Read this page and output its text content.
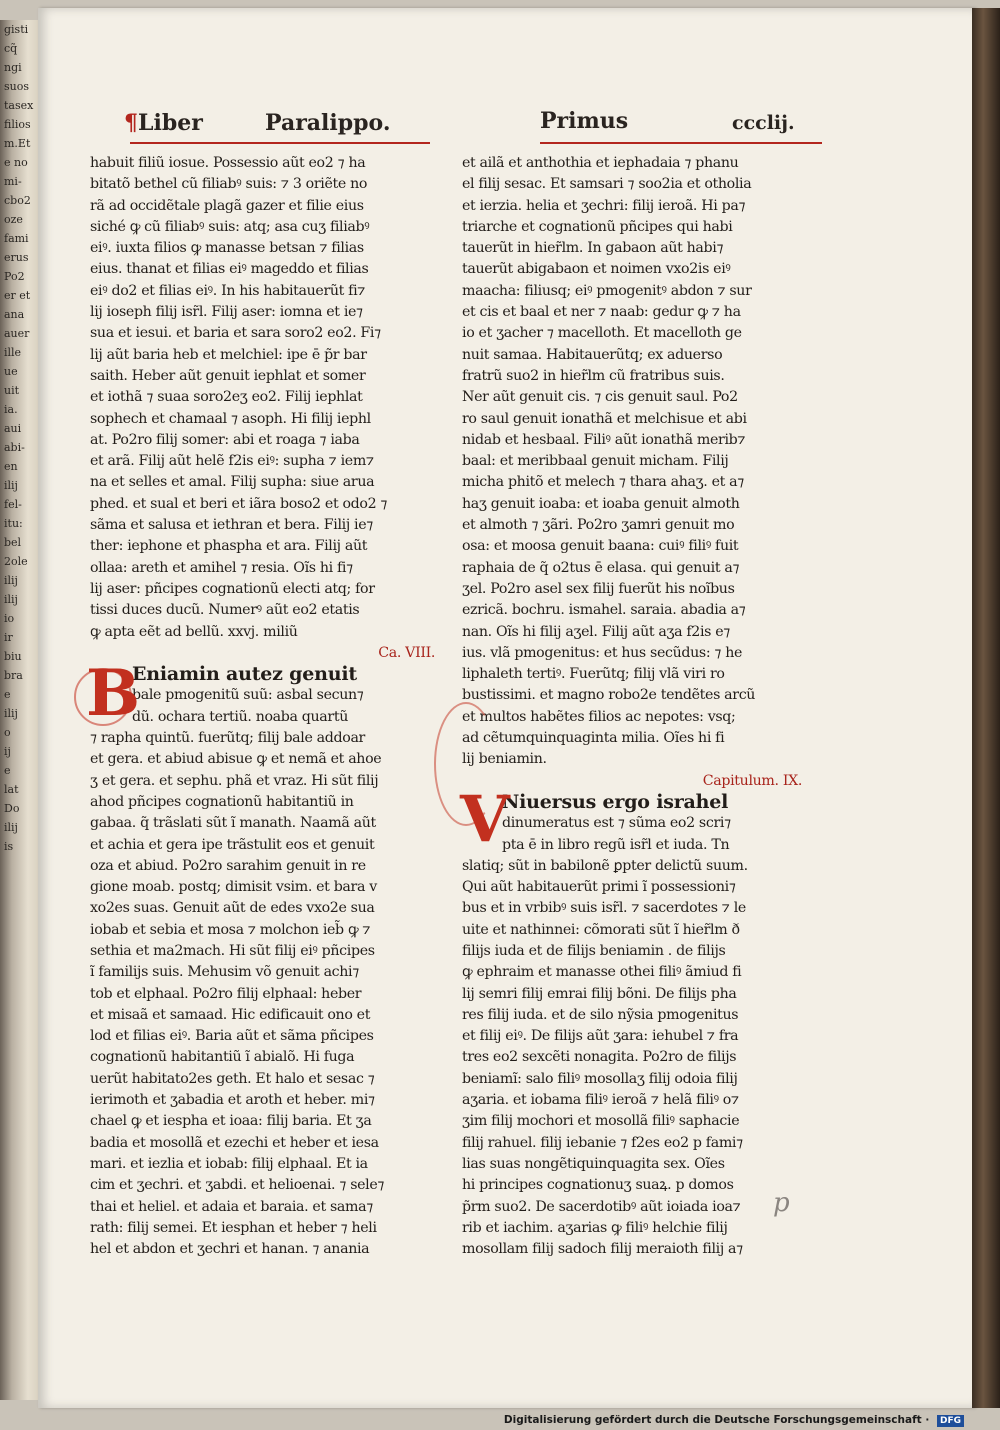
gisti
cq̃
ngi
suos
tasex
filios
m.Et
e no
mi-
cbo2
oze
fami
erus
Po2
er et
ana
auer
ille
ue
uit
ia.
aui
abi-
en
ilij
fel-
itu:
bel
2ole
ilij
ilij
io
ir
biu
bra
e
ilij
o
ij
e
lat
Do
ilij
is
¶Liber	Paralippo.	Primus	ccclij.
habuit filiũ iosue. Possessio aũt eo2 ⁊ ha
bitatõ bethel cũ filiabꝰ suis: ⁊ 3 oriẽte no
rã ad occidẽtale plagã gazer et filie eius
siché ꝙ cũ filiabꝰ suis: atq; asa cuʒ filiabꝰ
eiꝰ. iuxta filios ꝙ manasse betsan ⁊ filias
eius. thanat et filias eiꝰ mageddo et filias
eiꝰ do2 et filias eiꝰ. In his habitauerũt fi⁊
lij ioseph filij isr̃l. Filij aser: iomna et ie⁊
sua et iesui. et baria et sara soro2 eo2. Fi⁊
lij aũt baria heb et melchiel: ipe ē p̃r bar
saith. Heber aũt genuit iephlat et somer
et iothã ⁊ suaa soro2eʒ eo2. Filij iephlat
sophech et chamaal ⁊ asoph. Hi filij iephl
at. Po2ro filij somer: abi et roaga ⁊ iaba
et arã. Filij aũt helẽ f2is eiꝰ: supha ⁊ iem⁊
na et selles et amal. Filij supha: siue arua
phed. et sual et beri et iãra boso2 et odo2 ⁊
sãma et salusa et iethran et bera. Filij ie⁊
ther: iephone et phaspha et ara. Filij aũt
ollaa: areth et amihel ⁊ resia. Oĩs hi fi⁊
lij aser: pñcipes cognationũ electi atq; for
tissi duces ducũ. Numerꝰ aũt eo2 etatis
ꝙ apta eẽt ad bellũ. xxvj. miliũ
Ca. VIII.
B
Eniamin autez genuit
bale pmogenitũ suũ: asbal secun⁊
dũ. ochara tertiũ. noaba quartũ
⁊ rapha quintũ. fuerũtq; filij bale addoar
et gera. et abiud abisue ꝙ et nemã et ahoe
ʒ et gera. et sephu. phã et vraz. Hi sũt filij
ahod pñcipes cognationũ habitantiũ in
gabaa. q̃ trãslati sũt ĩ manath. Naamã aũt
et achia et gera ipe trãstulit eos et genuit
oza et abiud. Po2ro sarahim genuit in re
gione moab. postq; dimisit vsim. et bara v
xo2es suas. Genuit aũt de edes vxo2e sua
iobab et sebia et mosa ⁊ molchon ieb̃ ꝙ ⁊
sethia et ma2mach. Hi sũt filij eiꝰ pñcipes
ĩ familijs suis. Mehusim võ genuit achi⁊
tob et elphaal. Po2ro filij elphaal: heber
et misaã et samaad. Hic edificauit ono et
lod et filias eiꝰ. Baria aũt et sãma pñcipes
cognationũ habitantiũ ĩ abialõ. Hi fuga
uerũt habitato2es geth. Et halo et sesac ⁊
ierimoth et ʒabadia et aroth et heber. mi⁊
chael ꝙ et iespha et ioaa: filij baria. Et ʒa
badia et mosollã et ezechi et heber et iesa
mari. et iezlia et iobab: filij elphaal. Et ia
cim et ʒechri. et ʒabdi. et helioenai. ⁊ sele⁊
thai et heliel. et adaia et baraia. et sama⁊
rath: filij semei. Et iesphan et heber ⁊ heli
hel et abdon et ʒechri et hanan. ⁊ anania
et ailã et anthothia et iephadaia ⁊ phanu
el filij sesac. Et samsari ⁊ soo2ia et otholia
et ierzia. helia et ʒechri: filij ieroã. Hi pa⁊
triarche et cognationũ pñcipes qui habi
tauerũt in hier̃lm. In gabaon aũt habi⁊
tauerũt abigabaon et noimen vxo2is eiꝰ
maacha: filiusq; eiꝰ pmogenitꝰ abdon ⁊ sur
et cis et baal et ner ⁊ naab: gedur ꝙ ⁊ ha
io et ʒacher ⁊ macelloth. Et macelloth ge
nuit samaa. Habitauerũtq; ex aduerso
fratrũ suo2 in hier̃lm cũ fratribus suis.
Ner aũt genuit cis. ⁊ cis genuit saul. Po2
ro saul genuit ionathã et melchisue et abi
nidab et hesbaal. Filiꝰ aũt ionathã merib⁊
baal: et meribbaal genuit micham. Filij
micha phitõ et melech ⁊ thara ahaʒ. et a⁊
haʒ genuit ioaba: et ioaba genuit almoth
et almoth ⁊ ʒãri. Po2ro ʒamri genuit mo
osa: et moosa genuit baana: cuiꝰ filiꝰ fuit
raphaia de q̃ o2tus ē elasa. qui genuit a⁊
ʒel. Po2ro asel sex filij fuerũt his noĩbus
ezricã. bochru. ismahel. saraia. abadia a⁊
nan. Oĩs hi filij aʒel. Filij aũt aʒa f2is e⁊
ius. vlã pmogenitus: et hus secũdus: ⁊ he
liphaleth tertiꝰ. Fuerũtq; filij vlã viri ro
bustissimi. et magno robo2e tendẽtes arcũ
et multos habẽtes filios ac nepotes: vsq;
ad cẽtumquinquaginta milia. Oĩes hi fi
lij beniamin.
Capitulum. IX.
V
Niuersus ergo israhel
dinumeratus est ⁊ sũma eo2 scri⁊
pta ē in libro regũ isr̃l et iuda. Tn
slatiq; sũt in babilonẽ ꝑpter delictũ suum.
Qui aũt habitauerũt primi ĩ possessioni⁊
bus et in vrbibꝰ suis isr̃l. ⁊ sacerdotes ⁊ le
uite et nathinnei: cõmorati sũt ĩ hier̃lm ð
filijs iuda et de filijs beniamin . de filijs
ꝙ ephraim et manasse othei filiꝰ ãmiud fi
lij semri filij emrai filij bõni. De filijs pha
res filij iuda. et de silo nỹsia pmogenitus
et filij eiꝰ. De filijs aũt ʒara: iehubel ⁊ fra
tres eo2 sexcẽti nonagita. Po2ro de filijs
beniamĩ: salo filiꝰ mosollaʒ filij odoia filij
aʒaria. et iobama filiꝰ ieroã ⁊ helã filiꝰ o⁊
ʒim filij mochori et mosollã filiꝰ saphacie
filij rahuel. filij iebanie ⁊ f2es eo2 p fami⁊
lias suas nongẽtiquinquagita sex. Oĩes
hi principes cognationuʒ suaꝝ. p domos
p̃rm suo2. De sacerdotibꝰ aũt ioiada ioa⁊
rib et iachim. aʒarias ꝙ filiꝰ helchie filij
mosollam filij sadoch filij meraioth filij a⁊
p
Digitalisierung gefördert durch die Deutsche Forschungsgemeinschaft · DFG
